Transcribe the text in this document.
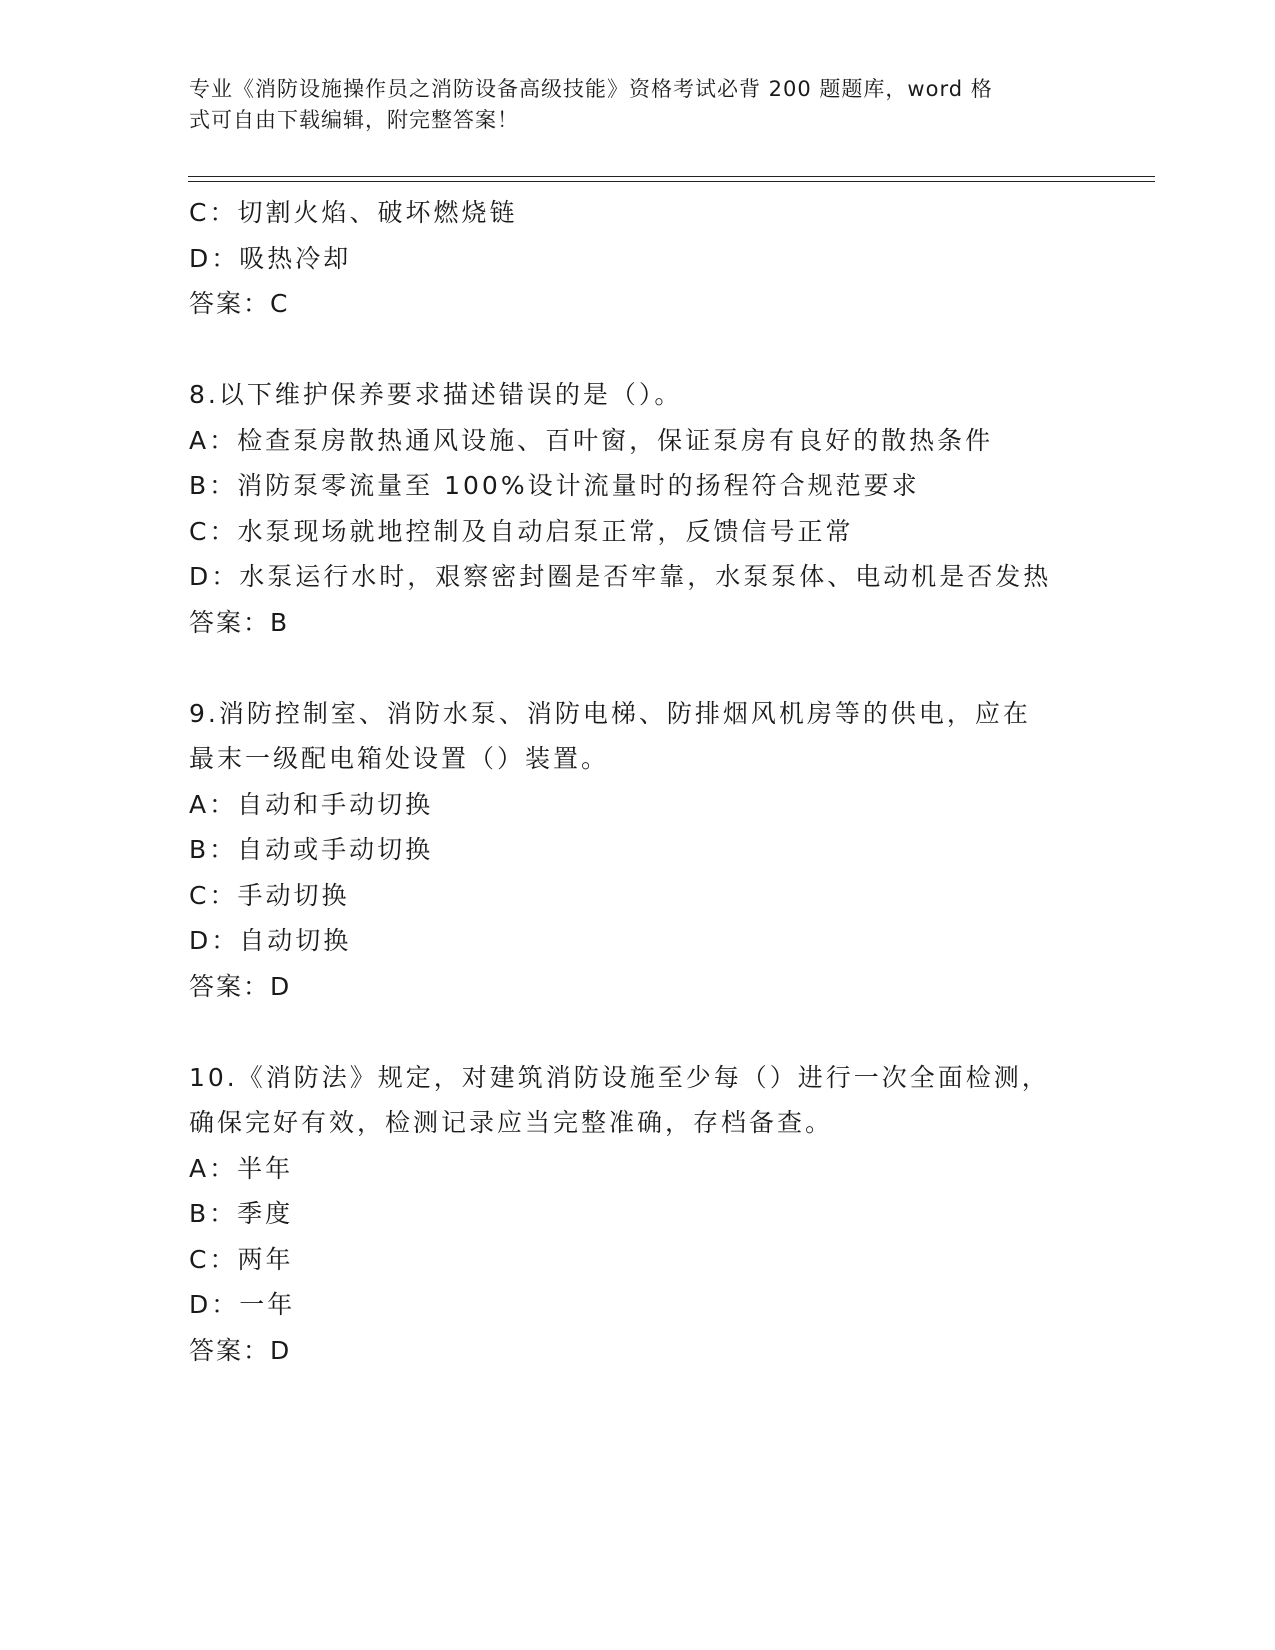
专业《消防设施操作员之消防设备高级技能》资格考试必背 200 题题库，word 格
式可自由下载编辑，附完整答案！
C：切割火焰、破坏燃烧链
D：吸热冷却
答案：C
8.以下维护保养要求描述错误的是（）。
A：检查泵房散热通风设施、百叶窗，保证泵房有良好的散热条件
B：消防泵零流量至 100%设计流量时的扬程符合规范要求
C：水泵现场就地控制及自动启泵正常，反馈信号正常
D：水泵运行水时，艰察密封圈是否牢靠，水泵泵体、电动机是否发热
答案：B
9.消防控制室、消防水泵、消防电梯、防排烟风机房等的供电，应在
最末一级配电箱处设置（）装置。
A：自动和手动切换
B：自动或手动切换
C：手动切换
D：自动切换
答案：D
10.《消防法》规定，对建筑消防设施至少每（）进行一次全面检测，
确保完好有效，检测记录应当完整准确，存档备查。
A：半年
B：季度
C：两年
D：一年
答案：D
